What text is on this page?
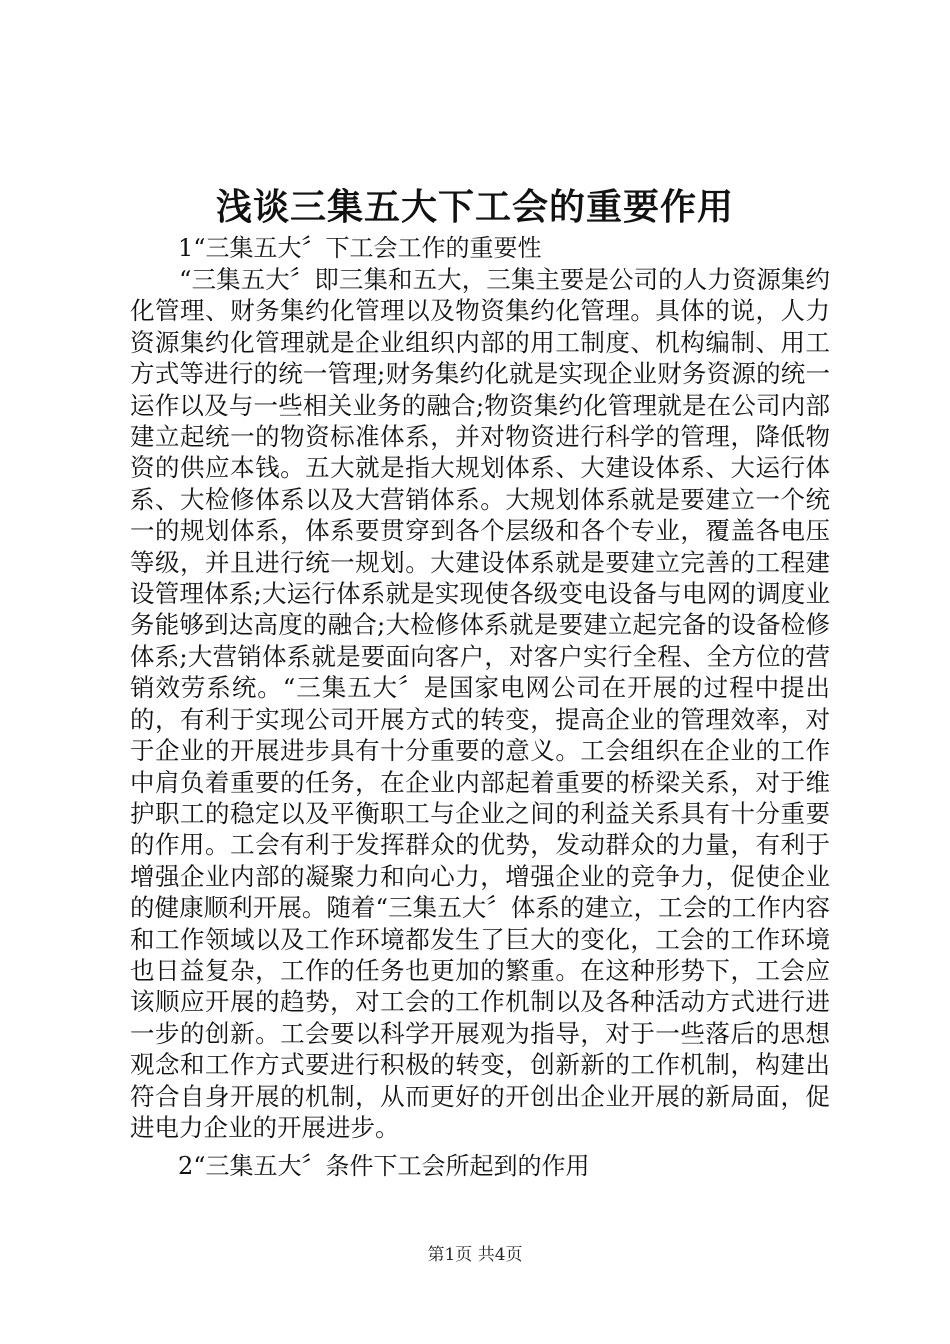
浅谈三集五大下工会的重要作用

1“三集五大〞下工会工作的重要性

“三集五大〞即三集和五大，三集主要是公司的人力资源集约化管理、财务集约化管理以及物资集约化管理。具体的说，人力资源集约化管理就是企业组织内部的用工制度、机构编制、用工方式等进行的统一管理;财务集约化就是实现企业财务资源的统一运作以及与一些相关业务的融合;物资集约化管理就是在公司内部建立起统一的物资标准体系，并对物资进行科学的管理，降低物资的供应本钱。五大就是指大规划体系、大建设体系、大运行体系、大检修体系以及大营销体系。大规划体系就是要建立一个统一的规划体系，体系要贯穿到各个层级和各个专业，覆盖各电压等级，并且进行统一规划。大建设体系就是要建立完善的工程建设管理体系;大运行体系就是实现使各级变电设备与电网的调度业务能够到达高度的融合;大检修体系就是要建立起完备的设备检修体系;大营销体系就是要面向客户，对客户实行全程、全方位的营销效劳系统。“三集五大〞是国家电网公司在开展的过程中提出的，有利于实现公司开展方式的转变，提高企业的管理效率，对于企业的开展进步具有十分重要的意义。工会组织在企业的工作中肩负着重要的任务，在企业内部起着重要的桥梁关系，对于维护职工的稳定以及平衡职工与企业之间的利益关系具有十分重要的作用。工会有利于发挥群众的优势，发动群众的力量，有利于增强企业内部的凝聚力和向心力，增强企业的竞争力，促使企业的健康顺利开展。随着“三集五大〞体系的建立，工会的工作内容和工作领域以及工作环境都发生了巨大的变化，工会的工作环境也日益复杂，工作的任务也更加的繁重。在这种形势下，工会应该顺应开展的趋势，对工会的工作机制以及各种活动方式进行进一步的创新。工会要以科学开展观为指导，对于一些落后的思想观念和工作方式要进行积极的转变，创新新的工作机制，构建出符合自身开展的机制，从而更好的开创出企业开展的新局面，促进电力企业的开展进步。

2“三集五大〞条件下工会所起到的作用

第1页 共4页
